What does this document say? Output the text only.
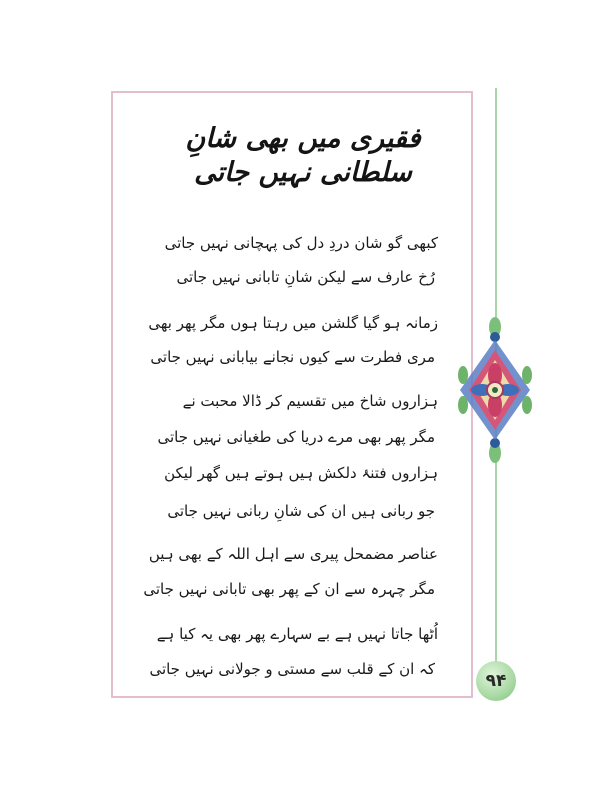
فقیری میں بھی شانِ سلطانی نہیں جاتی
کبھی گو شان دردِ دل کی پہچانی نہیں جاتی
رُخ عارف سے لیکن شانِ تابانی نہیں جاتی
زمانہ ہو گیا گلشن میں رہتا ہوں مگر پھر بھی
مری فطرت سے کیوں نجانے بیابانی نہیں جاتی
ہزاروں شاخ میں تقسیم کر ڈالا محبت نے
مگر پھر بھی مرے دریا کی طغیانی نہیں جاتی
ہزاروں فتنۂ دلکش ہیں ہوتے ہیں گھر لیکن
جو ربانی ہیں ان کی شانِ ربانی نہیں جاتی
عناصر مضمحل پیری سے اہل اللہ کے بھی ہیں
مگر چہرہ سے ان کے پھر بھی تابانی نہیں جاتی
اُٹھا جاتا نہیں ہے بے سہارے پھر بھی یہ کیا ہے
کہ ان کے قلب سے مستی و جولانی نہیں جاتی
۹۴
